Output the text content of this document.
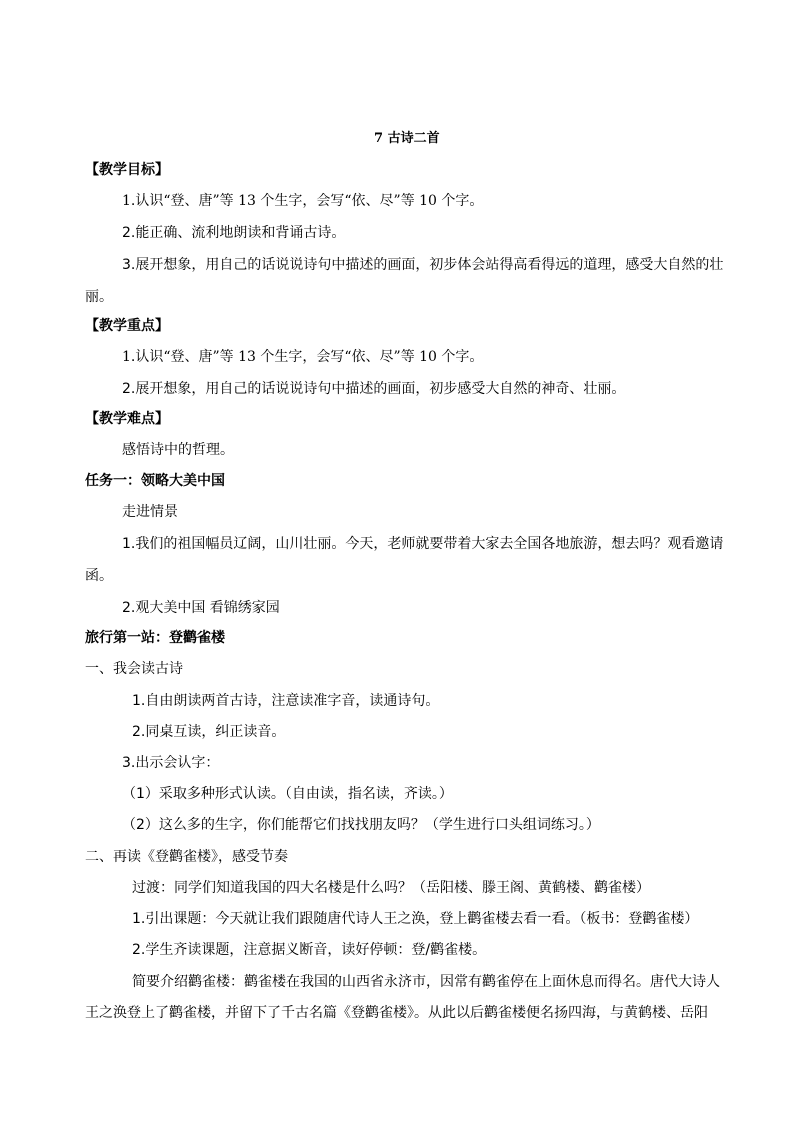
7 古诗二首
【教学目标】
1.认识“登、唐”等 13 个生字，会写“依、尽”等 10 个字。
2.能正确、流利地朗读和背诵古诗。
3.展开想象，用自己的话说说诗句中描述的画面，初步体会站得高看得远的道理，感受大自然的壮
丽。
【教学重点】
1.认识“登、唐”等 13 个生字，会写“依、尽”等 10 个字。
2.展开想象，用自己的话说说诗句中描述的画面，初步感受大自然的神奇、壮丽。
【教学难点】
感悟诗中的哲理。
任务一：领略大美中国
走进情景
1.我们的祖国幅员辽阔，山川壮丽。今天，老师就要带着大家去全国各地旅游，想去吗？观看邀请
函。
2.观大美中国 看锦绣家园
旅行第一站：登鹳雀楼
一、我会读古诗
1.自由朗读两首古诗，注意读准字音，读通诗句。
2.同桌互读，纠正读音。
3.出示会认字：
（1）采取多种形式认读。（自由读，指名读，齐读。）
（2）这么多的生字，你们能帮它们找找朋友吗？（学生进行口头组词练习。）
二、再读《登鹳雀楼》，感受节奏
过渡：同学们知道我国的四大名楼是什么吗？（岳阳楼、滕王阁、黄鹤楼、鹳雀楼）
1.引出课题：今天就让我们跟随唐代诗人王之涣，登上鹳雀楼去看一看。（板书：登鹳雀楼）
2.学生齐读课题，注意据义断音，读好停顿：登/鹳雀楼。
简要介绍鹳雀楼：鹳雀楼在我国的山西省永济市，因常有鹳雀停在上面休息而得名。唐代大诗人
王之涣登上了鹳雀楼，并留下了千古名篇《登鹳雀楼》。从此以后鹳雀楼便名扬四海，与黄鹤楼、岳阳
